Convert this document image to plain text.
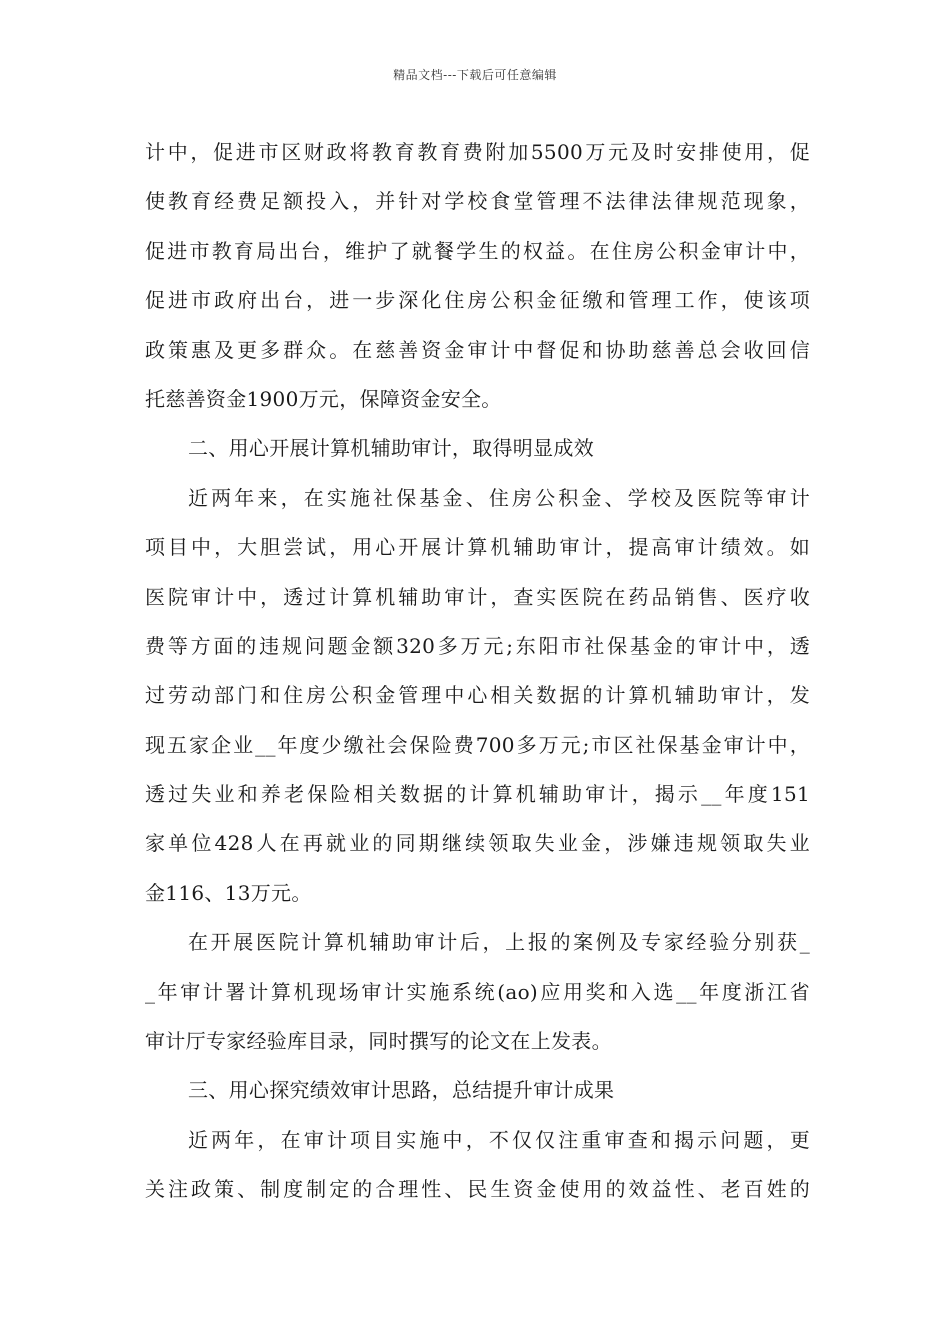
精品文档---下载后可任意编辑
计中，促进市区财政将教育教育费附加5500万元及时安排使用，促
使教育经费足额投入，并针对学校食堂管理不法律法律规范现象，
促进市教育局出台，维护了就餐学生的权益。在住房公积金审计中，
促进市政府出台，进一步深化住房公积金征缴和管理工作，使该项
政策惠及更多群众。在慈善资金审计中督促和协助慈善总会收回信
托慈善资金1900万元，保障资金安全。
二、用心开展计算机辅助审计，取得明显成效
近两年来，在实施社保基金、住房公积金、学校及医院等审计
项目中，大胆尝试，用心开展计算机辅助审计，提高审计绩效。如
医院审计中，透过计算机辅助审计，查实医院在药品销售、医疗收
费等方面的违规问题金额320多万元;东阳市社保基金的审计中，透
过劳动部门和住房公积金管理中心相关数据的计算机辅助审计，发
现五家企业__年度少缴社会保险费700多万元;市区社保基金审计中，
透过失业和养老保险相关数据的计算机辅助审计，揭示__年度151
家单位428人在再就业的同期继续领取失业金，涉嫌违规领取失业
金116、13万元。
在开展医院计算机辅助审计后，上报的案例及专家经验分别获_
_年审计署计算机现场审计实施系统(ao)应用奖和入选__年度浙江省
审计厅专家经验库目录，同时撰写的论文在上发表。
三、用心探究绩效审计思路，总结提升审计成果
近两年，在审计项目实施中，不仅仅注重审查和揭示问题，更
关注政策、制度制定的合理性、民生资金使用的效益性、老百姓的
